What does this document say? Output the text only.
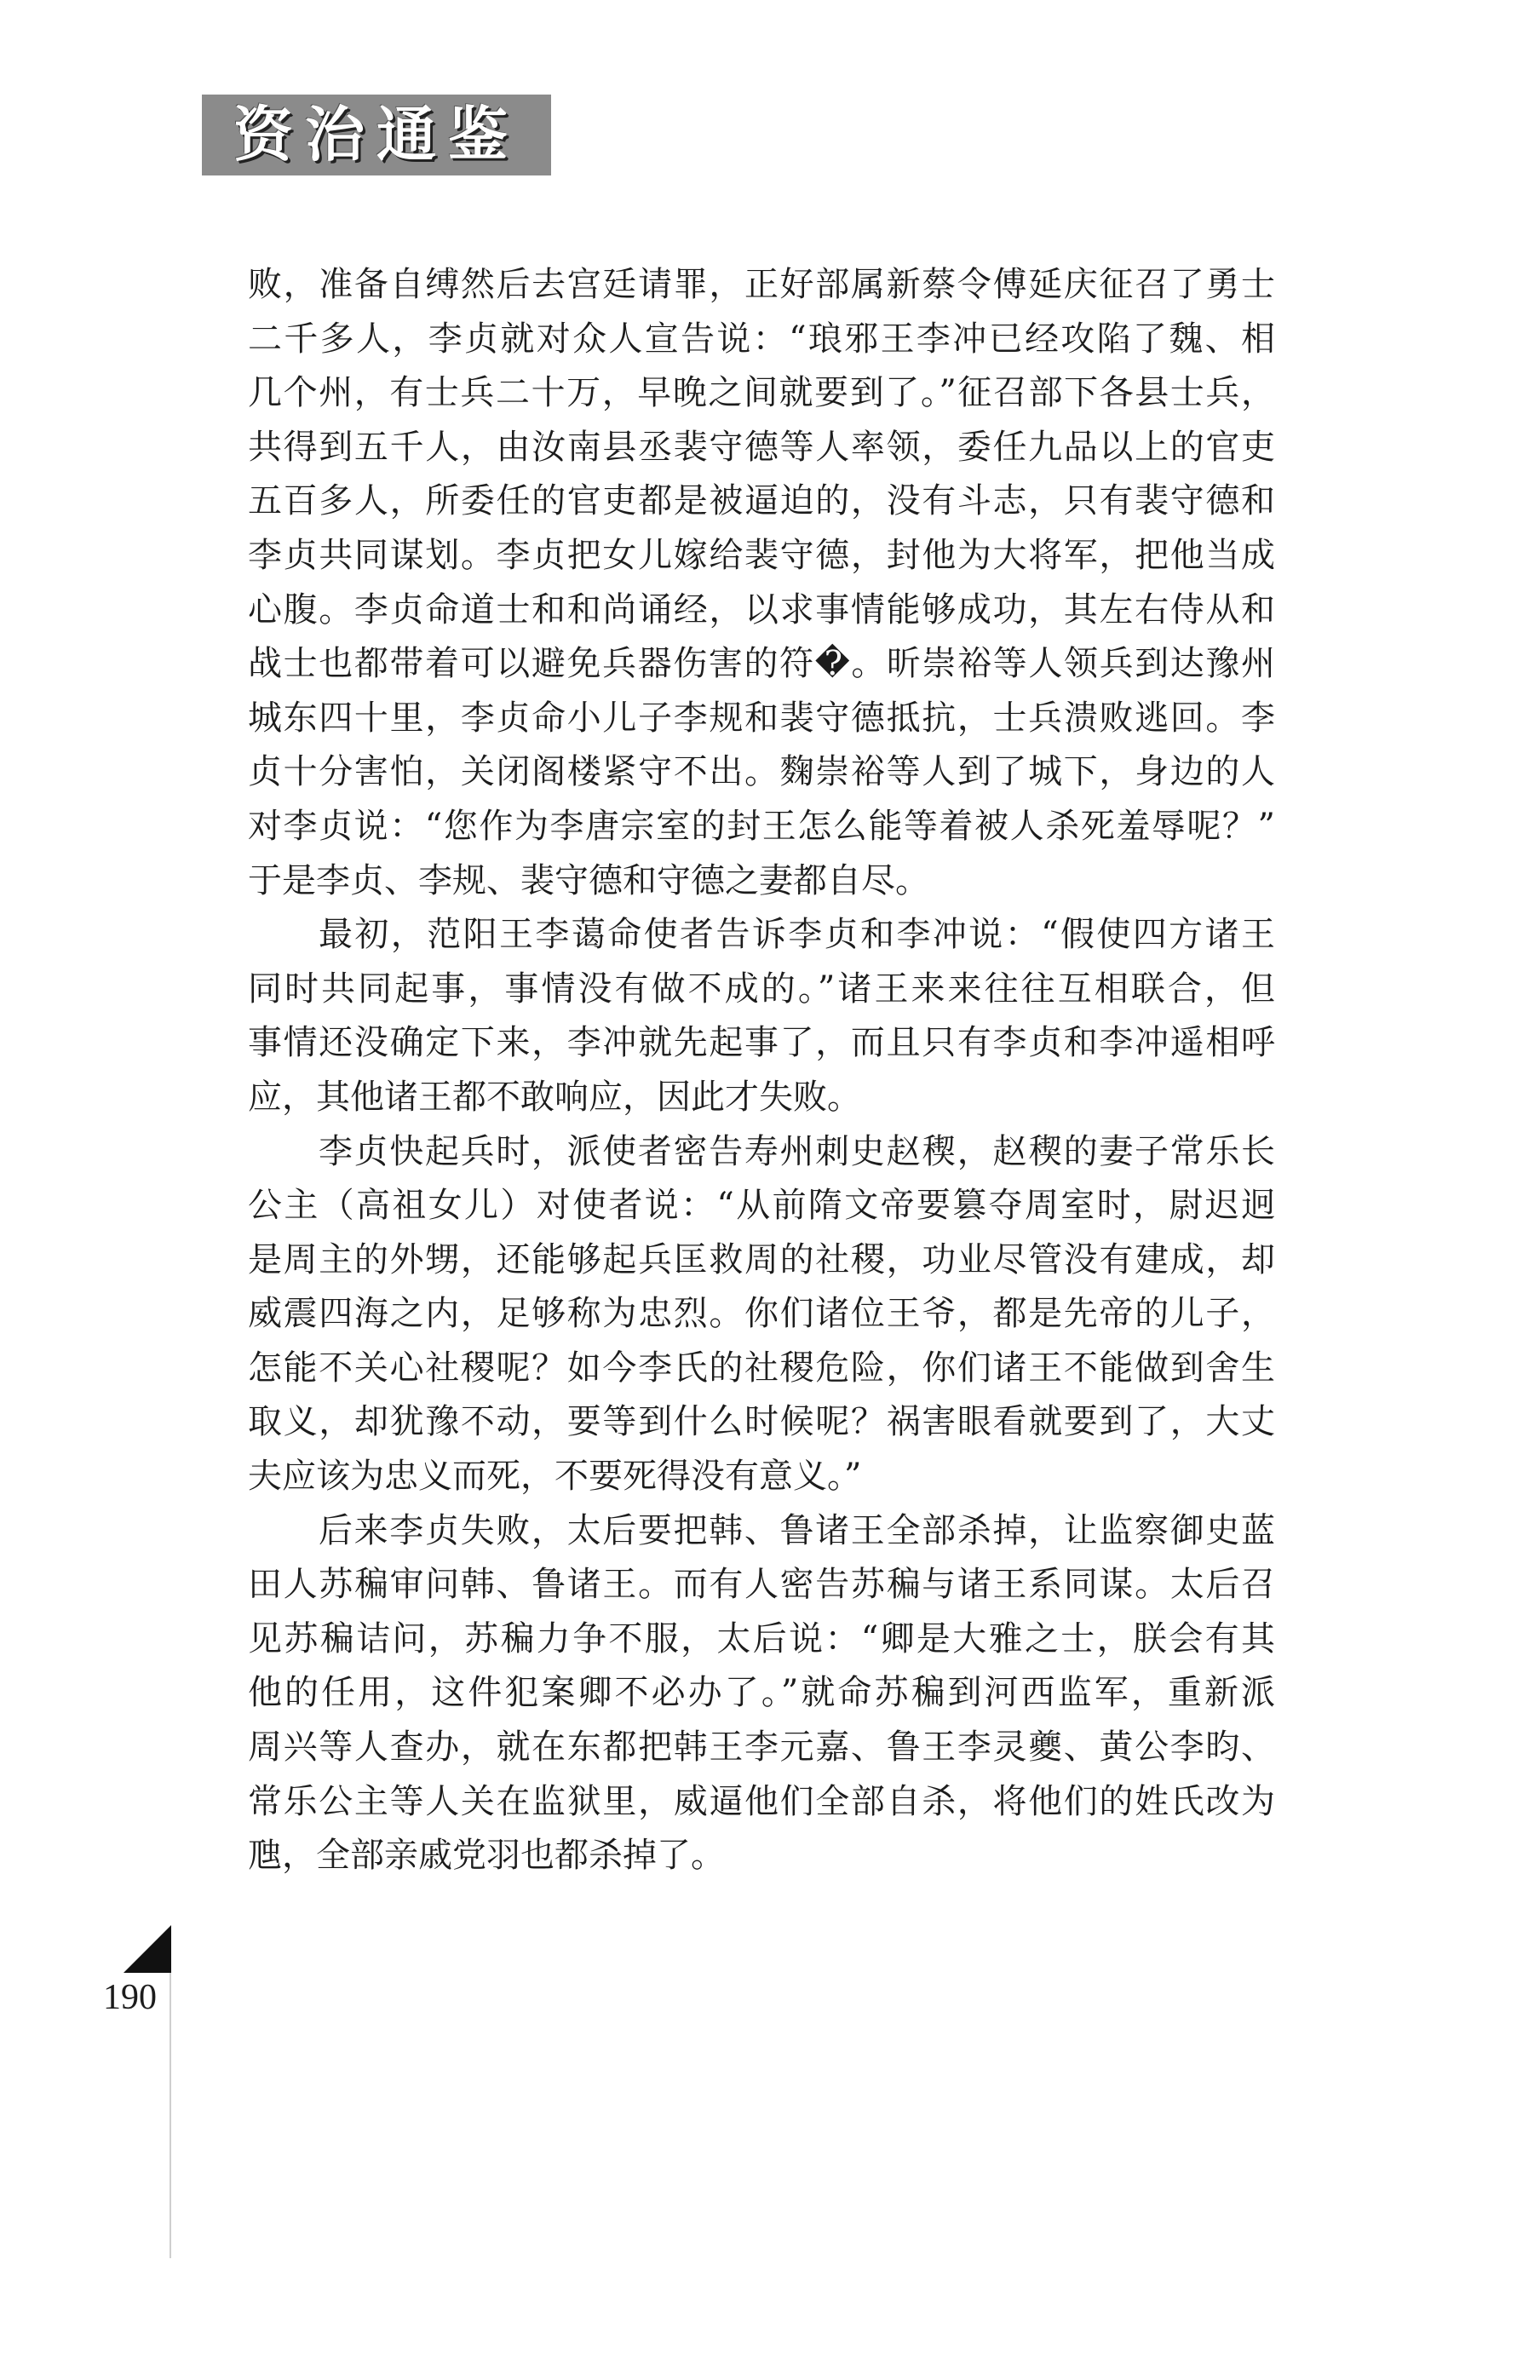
资治通鉴
败，准备自缚然后去宫廷请罪，正好部属新蔡令傅延庆征召了勇士
二千多人，李贞就对众人宣告说：“琅邪王李冲已经攻陷了魏、相
几个州，有士兵二十万，早晚之间就要到了。”征召部下各县士兵，
共得到五千人，由汝南县丞裴守德等人率领，委任九品以上的官吏
五百多人，所委任的官吏都是被逼迫的，没有斗志，只有裴守德和
李贞共同谋划。李贞把女儿嫁给裴守德，封他为大将军，把他当成
心腹。李贞命道士和和尚诵经，以求事情能够成功，其左右侍从和
战士也都带着可以避免兵器伤害的符�。昕崇裕等人领兵到达豫州
城东四十里，李贞命小儿子李规和裴守德抵抗，士兵溃败逃回。李
贞十分害怕，关闭阁楼紧守不出。麴崇裕等人到了城下，身边的人
对李贞说：“您作为李唐宗室的封王怎么能等着被人杀死羞辱呢？”
于是李贞、李规、裴守德和守德之妻都自尽。
最初，范阳王李蔼命使者告诉李贞和李冲说：“假使四方诸王
同时共同起事，事情没有做不成的。”诸王来来往往互相联合，但
事情还没确定下来，李冲就先起事了，而且只有李贞和李冲遥相呼
应，其他诸王都不敢响应，因此才失败。
李贞快起兵时，派使者密告寿州刺史赵稧，赵稧的妻子常乐长
公主（高祖女儿）对使者说：“从前隋文帝要篡夺周室时，尉迟迥
是周主的外甥，还能够起兵匡救周的社稷，功业尽管没有建成，却
威震四海之内，足够称为忠烈。你们诸位王爷，都是先帝的儿子，
怎能不关心社稷呢？如今李氏的社稷危险，你们诸王不能做到舍生
取义，却犹豫不动，要等到什么时候呢？祸害眼看就要到了，大丈
夫应该为忠义而死，不要死得没有意义。”
后来李贞失败，太后要把韩、鲁诸王全部杀掉，让监察御史蓝
田人苏稨审问韩、鲁诸王。而有人密告苏稨与诸王系同谋。太后召
见苏稨诘问，苏稨力争不服，太后说：“卿是大雅之士，朕会有其
他的任用，这件犯案卿不必办了。”就命苏稨到河西监军，重新派
周兴等人查办，就在东都把韩王李元嘉、鲁王李灵夔、黄公李昀、
常乐公主等人关在监狱里，威逼他们全部自杀，将他们的姓氏改为
虺，全部亲戚党羽也都杀掉了。
190
